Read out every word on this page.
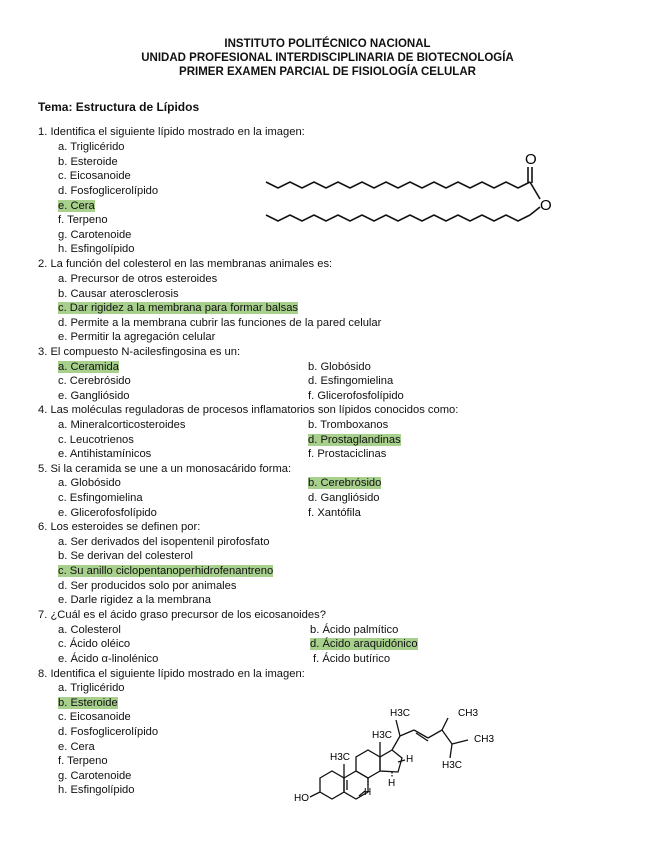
INSTITUTO POLITÉCNICO NACIONAL
UNIDAD PROFESIONAL INTERDISCIPLINARIA DE BIOTECNOLOGÍA
PRIMER EXAMEN PARCIAL DE FISIOLOGÍA CELULAR
Tema: Estructura de Lípidos
1. Identifica el siguiente lípido mostrado en la imagen:
a. Triglicérido
b. Esteroide
c. Eicosanoide
d. Fosfoglicerolípido
e. Cera
f. Terpeno
g. Carotenoide
h. Esfingolípido
O
O
2. La función del colesterol en las membranas animales es:
a. Precursor de otros esteroides
b. Causar aterosclerosis
c. Dar rigidez a la membrana para formar balsas
d. Permite a la membrana cubrir las funciones de la pared celular
e. Permitir la agregación celular
3. El compuesto N-acilesfingosina es un:
a. Ceramida	b. Globósido
c. Cerebrósido	d. Esfingomielina
e. Gangliósido	f. Glicerofosfolípido
4. Las moléculas reguladoras de procesos inflamatorios son lípidos conocidos como:
a. Mineralcorticosteroides	b. Tromboxanos
c. Leucotrienos	d. Prostaglandinas
e. Antihistamínicos	f. Prostaciclinas
5. Si la ceramida se une a un monosacárido forma:
a. Globósido	b. Cerebrósido
c. Esfingomielina	d. Gangliósido
e. Glicerofosfolípido	f. Xantófila
6. Los esteroides se definen por:
a. Ser derivados del isopentenil pirofosfato
b. Se derivan del colesterol
c. Su anillo ciclopentanoperhidrofenantreno
d. Ser producidos solo por animales
e. Darle rigidez a la membrana
7. ¿Cuál es el ácido graso precursor de los eicosanoides?
a. Colesterol	b. Ácido palmítico
c. Ácido oléico	d. Ácido araquidónico
e. Ácido α-linolénico	f. Ácido butírico
8. Identifica el siguiente lípido mostrado en la imagen:
a. Triglicérido
b. Esteroide
c. Eicosanoide
d. Fosfoglicerolípido
e. Cera
f. Terpeno
g. Carotenoide
h. Esfingolípido
H3C
H3C
H3C
CH3
CH3
H3C
H
H
H
HO
